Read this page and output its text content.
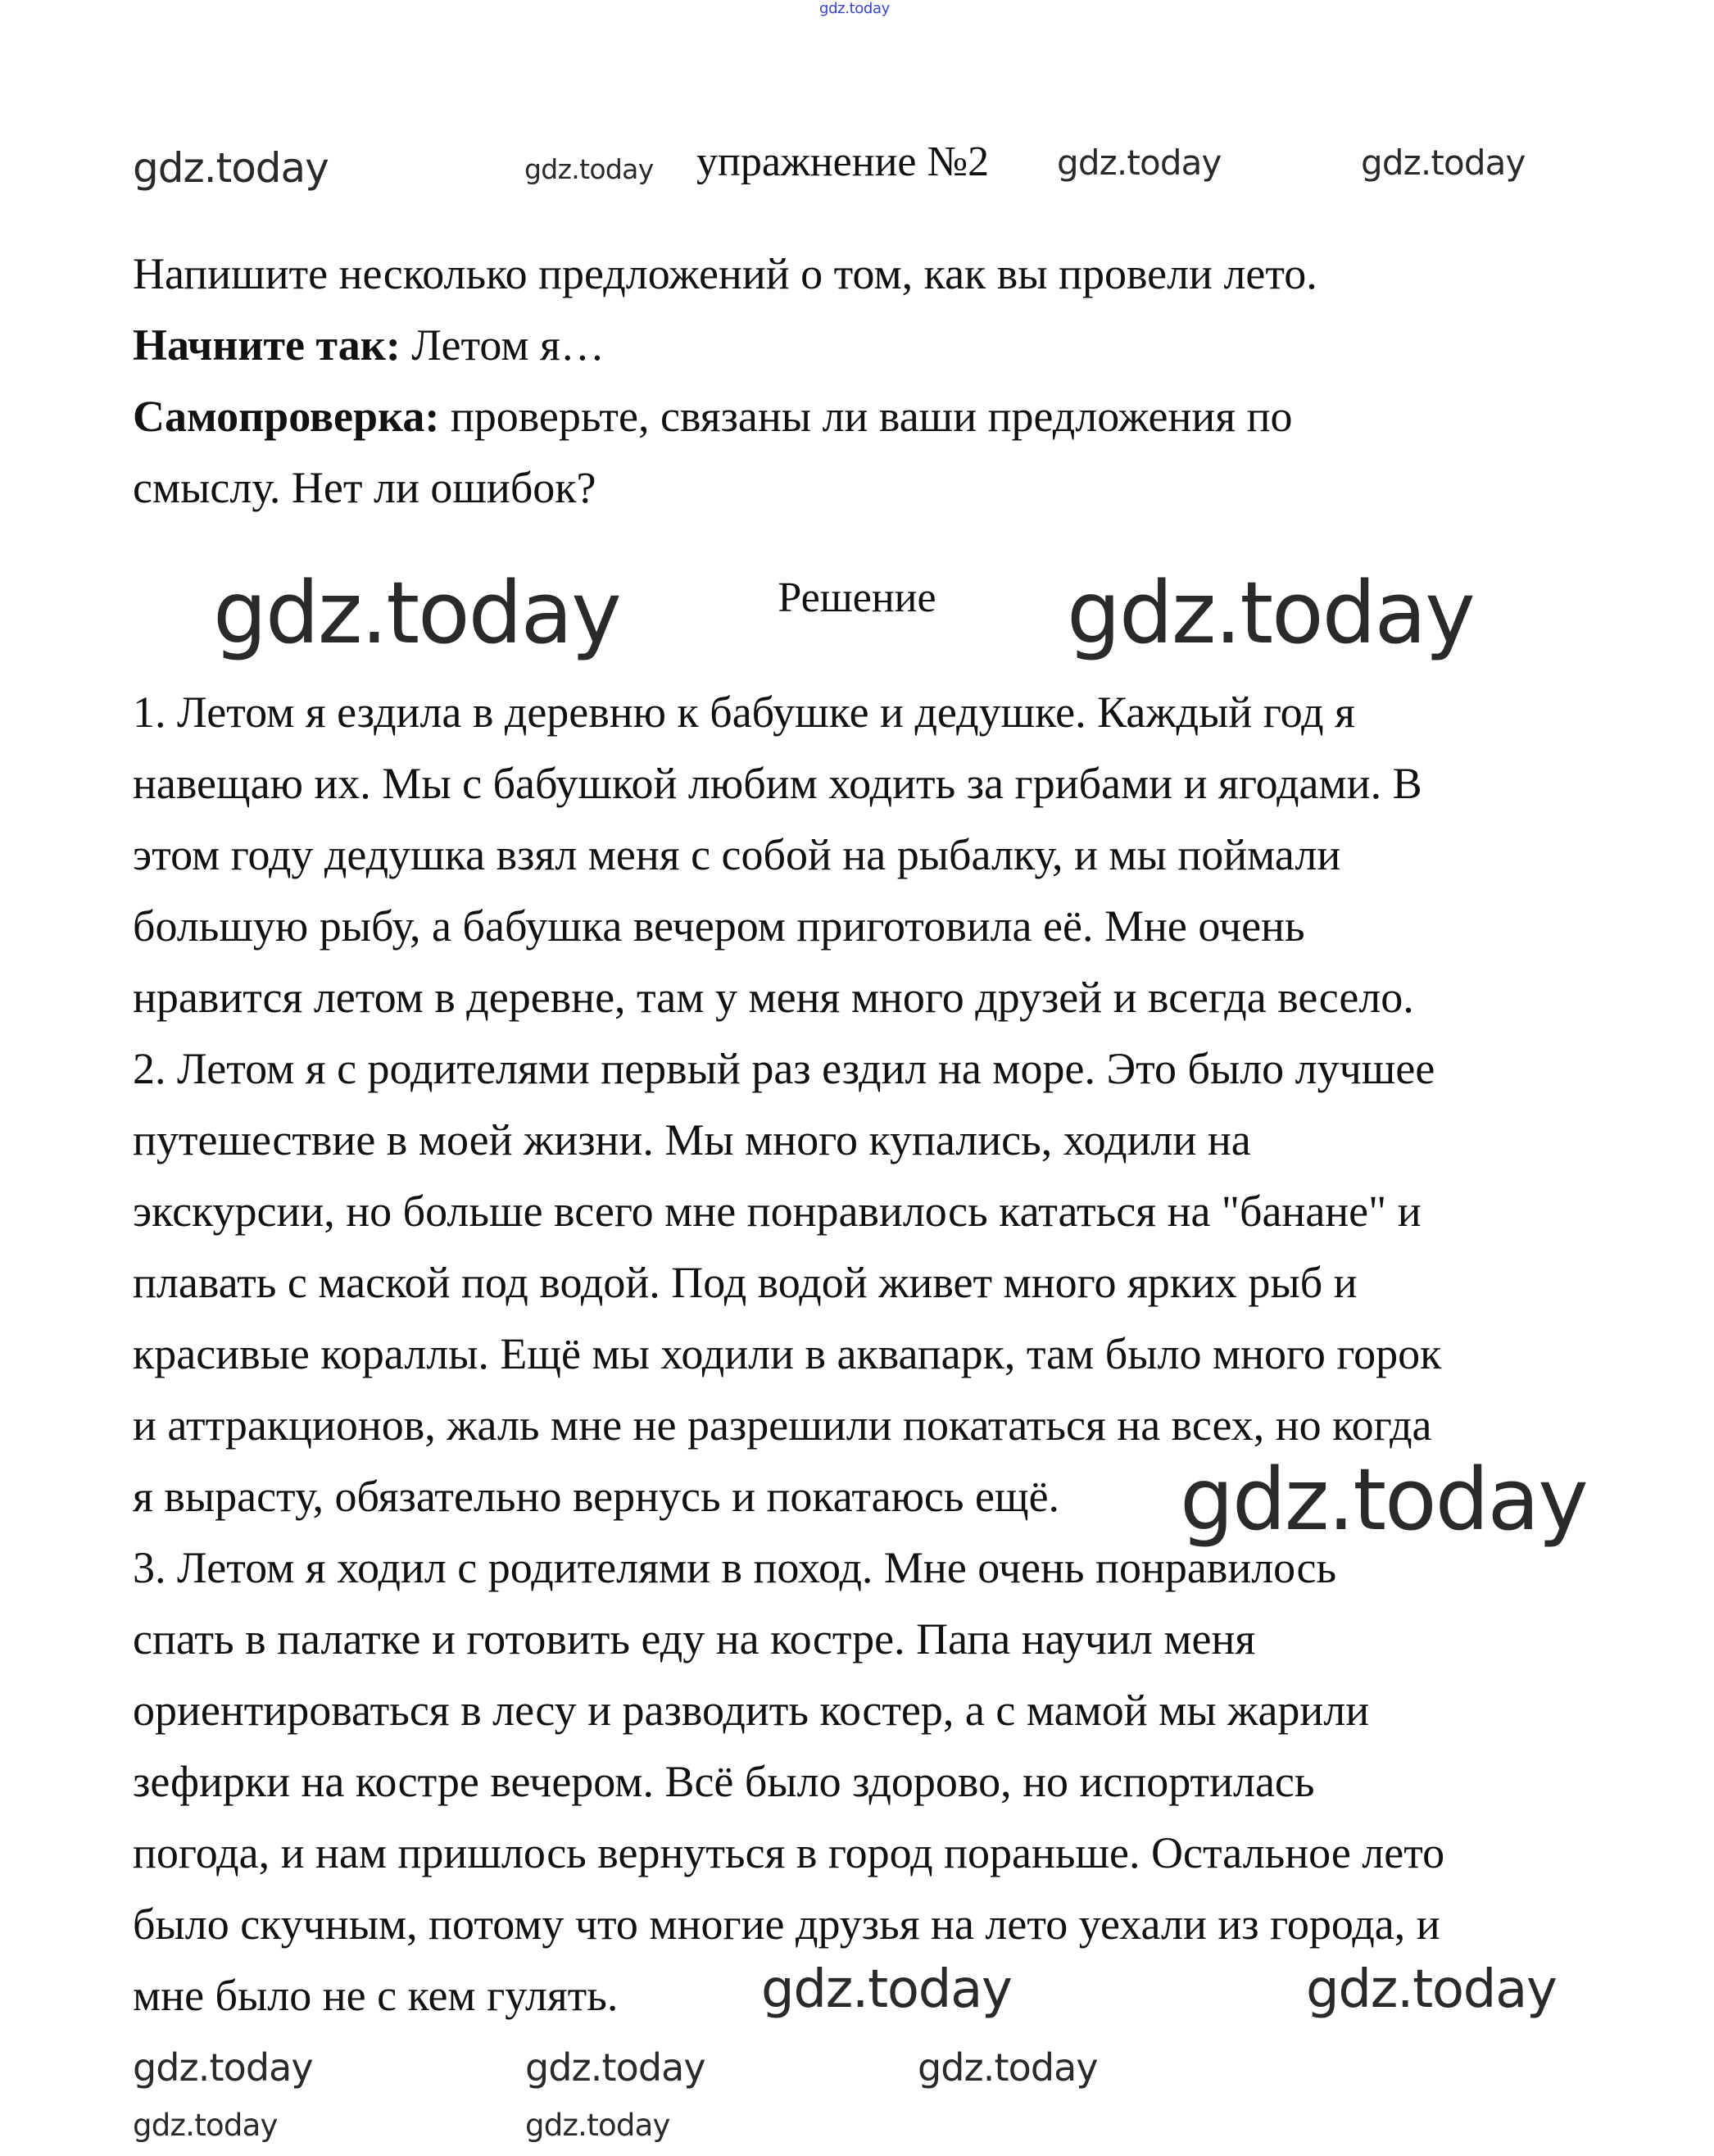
gdz.today
gdz.today	gdz.today упражнение №2 gdz.today	gdz.today
Напишите несколько предложений о том, как вы провели лето.
Начните так: Летом я…
Самопроверка: проверьте, связаны ли ваши предложения по
смыслу. Нет ли ошибок?
Решение
1. Летом я ездила в деревню к бабушке и дедушке. Каждый год я
навещаю их. Мы с бабушкой любим ходить за грибами и ягодами. В
этом году дедушка взял меня с собой на рыбалку, и мы поймали
большую рыбу, а бабушка вечером приготовила её. Мне очень
нравится летом в деревне, там у меня много друзей и всегда весело.
2. Летом я с родителями первый раз ездил на море. Это было лучшее
путешествие в моей жизни. Мы много купались, ходили на
экскурсии, но больше всего мне понравилось кататься на "банане" и
плавать с маской под водой. Под водой живет много ярких рыб и
красивые кораллы. Ещё мы ходили в аквапарк, там было много горок
и аттракционов, жаль мне не разрешили покататься на всех, но когда
я вырасту, обязательно вернусь и покатаюсь ещё.
3. Летом я ходил с родителями в поход. Мне очень понравилось
спать в палатке и готовить еду на костре. Папа научил меня
ориентироваться в лесу и разводить костер, а с мамой мы жарили
зефирки на костре вечером. Всё было здорово, но испортилась
погода, и нам пришлось вернуться в город пораньше. Остальное лето
было скучным, потому что многие друзья на лето уехали из города, и
мне было не с кем гулять.
gdz.today	gdz.today
gdz.today
gdz.today	gdz.today
gdz.today	gdz.today	gdz.today
gdz.today	gdz.today
